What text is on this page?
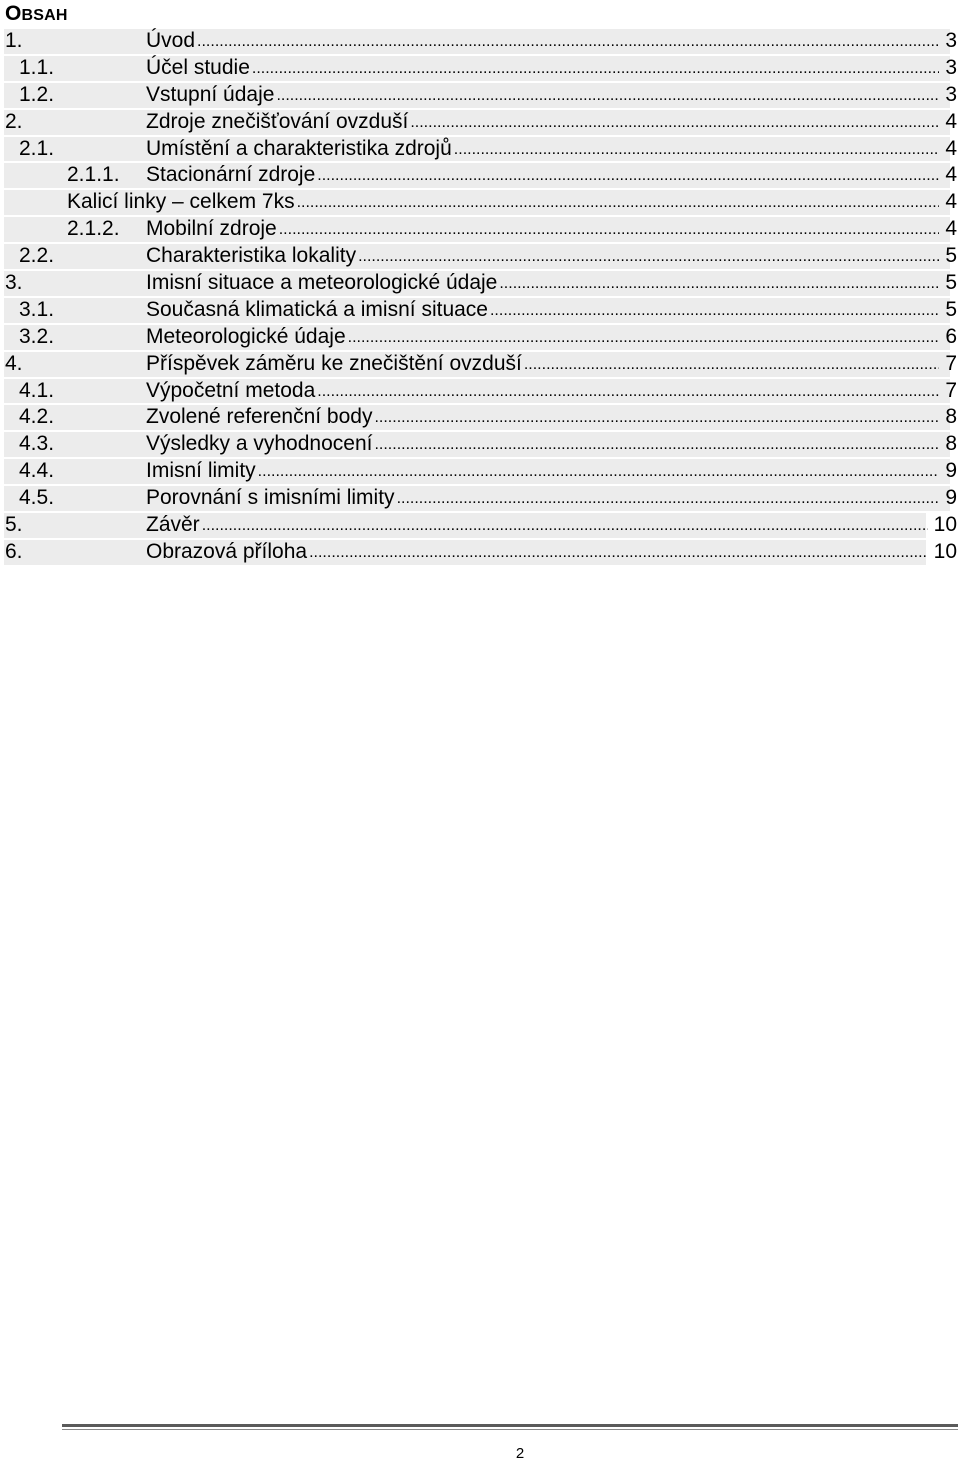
OBSAH
1.	Úvod .....	3
1.1.	Účel studie .....	3
1.2.	Vstupní údaje .....	3
2.	Zdroje znečišťování ovzduší .....	4
2.1.	Umístění a charakteristika zdrojů .....	4
2.1.1. Stacionární zdroje .....	4
Kalicí linky – celkem 7ks .....	4
2.1.2. Mobilní zdroje .....	4
2.2.	Charakteristika lokality .....	5
3.	Imisní situace a meteorologické údaje .....	5
3.1.	Současná klimatická a imisní situace .....	5
3.2.	Meteorologické údaje .....	6
4.	Příspěvek záměru ke znečištění ovzduší .....	7
4.1.	Výpočetní metoda .....	7
4.2.	Zvolené referenční body .....	8
4.3.	Výsledky a vyhodnocení .....	8
4.4.	Imisní limity .....	9
4.5.	Porovnání s imisními limity .....	9
5.	Závěr .....	10
6.	Obrazová příloha .....	10
2
